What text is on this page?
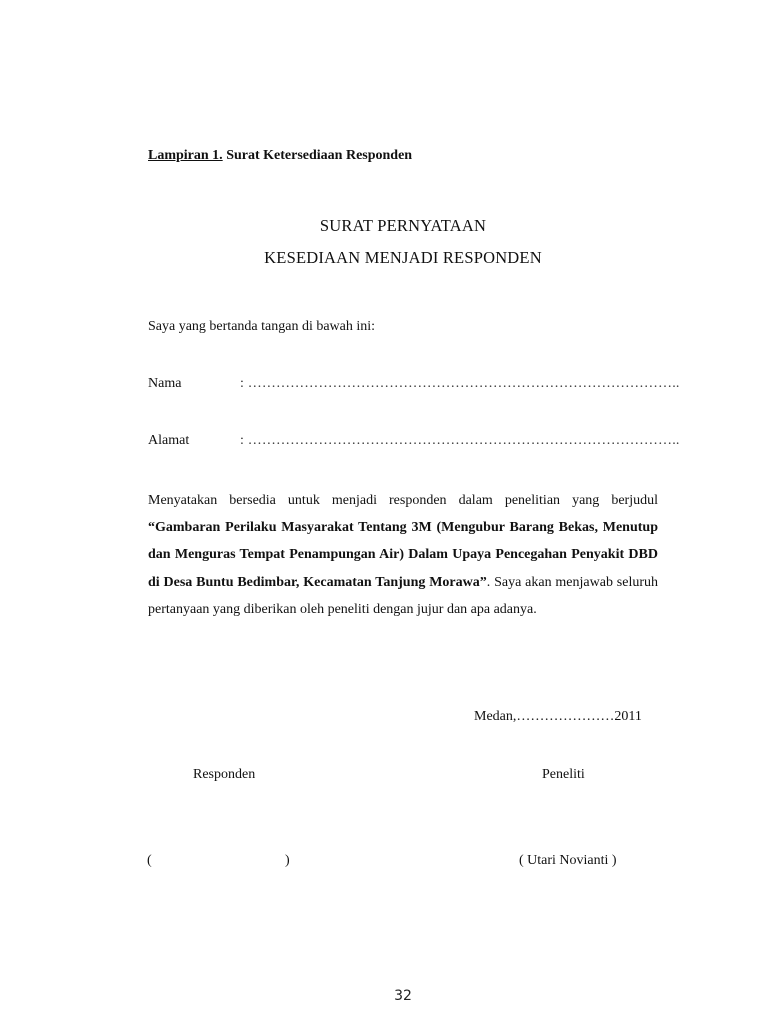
Lampiran 1. Surat Ketersediaan Responden
SURAT PERNYATAAN
KESEDIAAN MENJADI RESPONDEN
Saya yang bertanda tangan di bawah ini:
Nama	: ………………………………………………………………………………..
Alamat	: ………………………………………………………………………………..
Menyatakan bersedia untuk menjadi responden dalam penelitian yang berjudul “Gambaran Perilaku Masyarakat Tentang 3M (Mengubur Barang Bekas, Menutup dan Menguras Tempat Penampungan Air) Dalam Upaya Pencegahan Penyakit DBD di Desa Buntu Bedimbar, Kecamatan Tanjung Morawa”. Saya akan menjawab seluruh pertanyaan yang diberikan oleh peneliti dengan jujur dan apa adanya.
Medan,…………………2011
Responden	Peneliti
(	)	( Utari Novianti )
32
